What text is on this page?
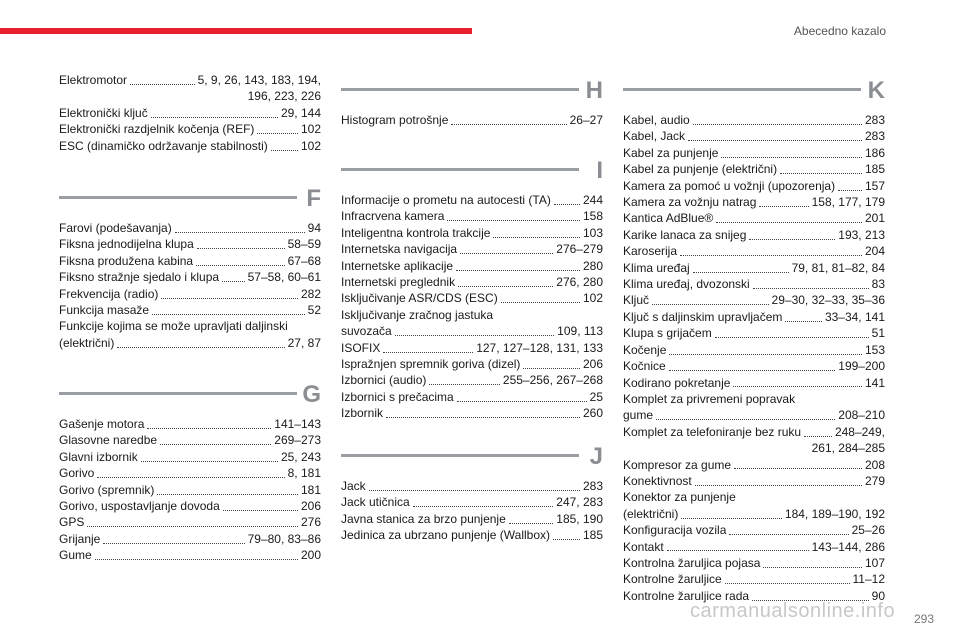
Abecedno kazalo
Elektromotor	5, 9, 26, 143, 183, 194,
196, 223, 226
Elektronički ključ	29, 144
Elektronički razdjelnik kočenja (REF)	102
ESC (dinamičko održavanje stabilnosti)	102
F
Farovi (podešavanja)	94
Fiksna jednodijelna klupa	58–59
Fiksna produžena kabina	67–68
Fiksno stražnje sjedalo i klupa 57–58, 60–61
Frekvencija (radio)	282
Funkcija masaže	52
Funkcije kojima se može upravljati daljinski
(električni)	27, 87
G
Gašenje motora	141–143
Glasovne naredbe	269–273
Glavni izbornik	25, 243
Gorivo	8, 181
Gorivo (spremnik)	181
Gorivo, uspostavljanje dovoda	206
GPS	276
Grijanje	79–80, 83–86
Gume	200
H
Histogram potrošnje	26–27
I
Informacije o prometu na autocesti (TA)	244
Infracrvena kamera	158
Inteligentna kontrola trakcije	103
Internetska navigacija	276–279
Internetske aplikacije	280
Internetski preglednik	276, 280
Isključivanje ASR/CDS (ESC)	102
Isključivanje zračnog jastuka
suvozača	109, 113
ISOFIX	127, 127–128, 131, 133
Ispražnjen spremnik goriva (dizel)	206
Izbornici (audio)	255–256, 267–268
Izbornici s prečacima	25
Izbornik	260
J
Jack	283
Jack utičnica	247, 283
Javna stanica za brzo punjenje	185, 190
Jedinica za ubrzano punjenje (Wallbox)	185
K
Kabel, audio	283
Kabel, Jack	283
Kabel za punjenje	186
Kabel za punjenje (električni)	185
Kamera za pomoć u vožnji (upozorenja) 157
Kamera za vožnju natrag	158, 177, 179
Kantica AdBlue®	201
Karike lanaca za snijeg	193, 213
Karoserija	204
Klima uređaj	79, 81, 81–82, 84
Klima uređaj, dvozonski	83
Ključ	29–30, 32–33, 35–36
Ključ s daljinskim upravljačem	33–34, 141
Klupa s grijačem	51
Kočenje	153
Kočnice	199–200
Kodirano pokretanje	141
Komplet za privremeni popravak
gume	208–210
Komplet za telefoniranje bez ruku	248–249,
261, 284–285
Kompresor za gume	208
Konektivnost	279
Konektor za punjenje
(električni)	184, 189–190, 192
Konfiguracija vozila	25–26
Kontakt	143–144, 286
Kontrolna žaruljica pojasa	107
Kontrolne žaruljice	11–12
Kontrolne žaruljice rada	90
carmanualsonline.info 293
